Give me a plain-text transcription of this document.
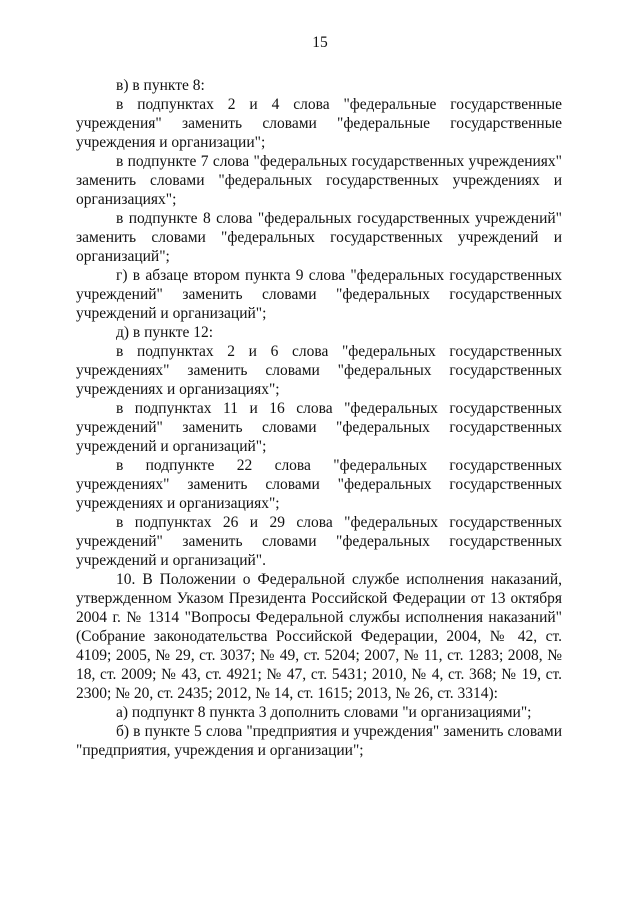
15

в) в пункте 8:

в подпунктах 2 и 4 слова "федеральные государственные учреждения" заменить словами "федеральные государственные учреждения и организации";

в подпункте 7 слова "федеральных государственных учреждениях" заменить словами "федеральных государственных учреждениях и организациях";

в подпункте 8 слова "федеральных государственных учреждений" заменить словами "федеральных государственных учреждений и организаций";

г) в абзаце втором пункта 9 слова "федеральных государственных учреждений" заменить словами "федеральных государственных учреждений и организаций";

д) в пункте 12:

в подпунктах 2 и 6 слова "федеральных государственных учреждениях" заменить словами "федеральных государственных учреждениях и организациях";

в подпунктах 11 и 16 слова "федеральных государственных учреждений" заменить словами "федеральных государственных учреждений и организаций";

в подпункте 22 слова "федеральных государственных учреждениях" заменить словами "федеральных государственных учреждениях и организациях";

в подпунктах 26 и 29 слова "федеральных государственных учреждений" заменить словами "федеральных государственных учреждений и организаций".

10. В Положении о Федеральной службе исполнения наказаний, утвержденном Указом Президента Российской Федерации от 13 октября 2004 г. № 1314 "Вопросы Федеральной службы исполнения наказаний" (Собрание законодательства Российской Федерации, 2004, № 42, ст. 4109; 2005, № 29, ст. 3037; № 49, ст. 5204; 2007, № 11, ст. 1283; 2008, № 18, ст. 2009; № 43, ст. 4921; № 47, ст. 5431; 2010, № 4, ст. 368; № 19, ст. 2300; № 20, ст. 2435; 2012, № 14, ст. 1615; 2013, № 26, ст. 3314):

а) подпункт 8 пункта 3 дополнить словами "и организациями";

б) в пункте 5 слова "предприятия и учреждения" заменить словами "предприятия, учреждения и организации";
